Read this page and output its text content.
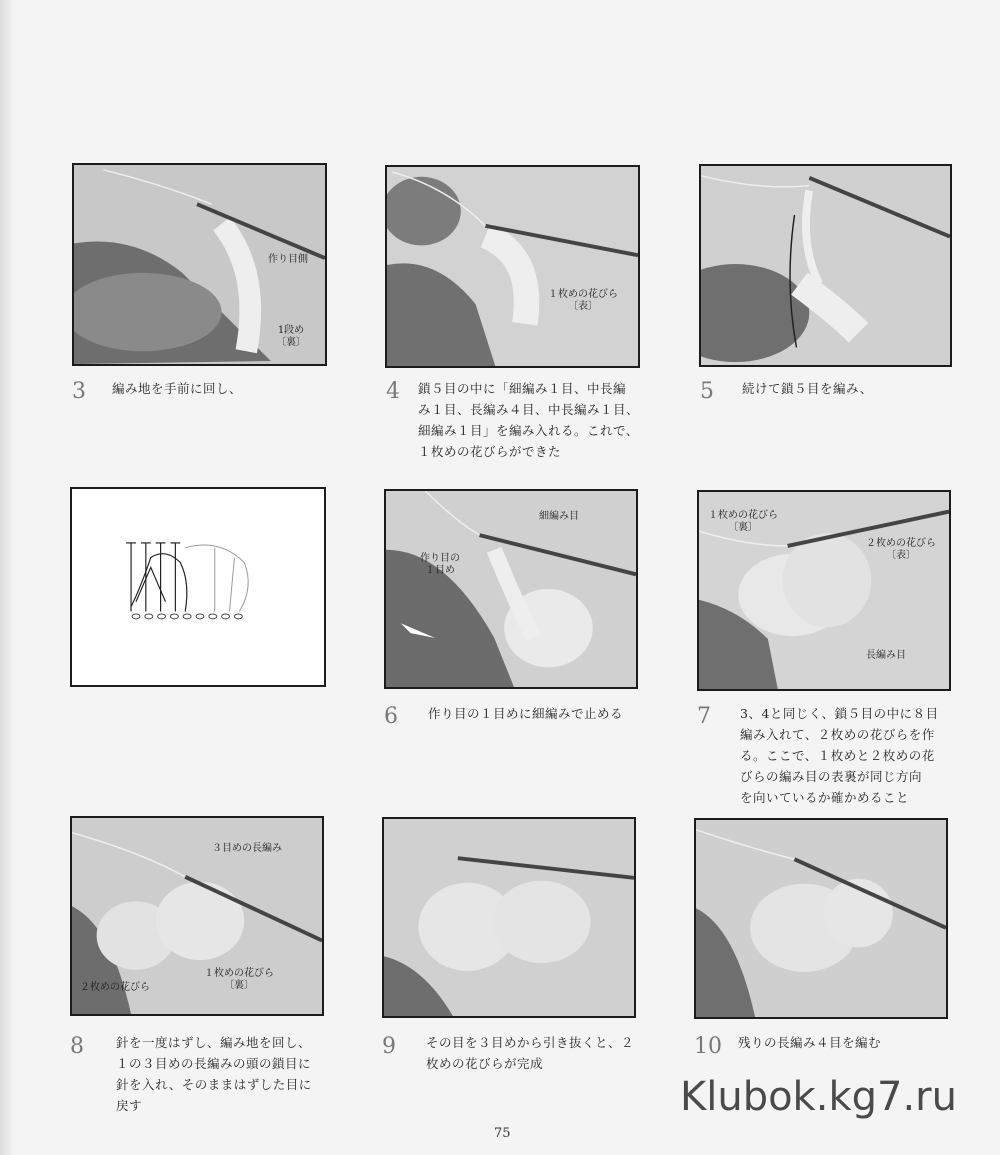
作り目側
1段め
〔裏〕
１枚めの花びら
〔表〕
3 編み地を手前に回し、	4 鎖５目の中に「細編み１目、中長編
み１目、長編み４目、中長編み１目、
細編み１目」を編み入れる。これで、
１枚めの花びらができた
5 続けて鎖５目を編み、
細編み目
作り目の
１目め
１枚めの花びら
〔裏〕
２枚めの花びら
〔表〕
長編み目
6 作り目の１目めに細編みで止める	7 3、4と同じく、鎖５目の中に８目
編み入れて、２枚めの花びらを作
る。ここで、１枚めと２枚めの花
びらの編み目の表裏が同じ方向
を向いているか確かめること
３目めの長編み
１枚めの花びら
〔裏〕
２枚めの花びら
8	針を一度はずし、編み地を回し、
１の３目めの長編みの頭の鎖目に
針を入れ、そのままはずした目に
戻す
9 その目を３目めから引き抜くと、２
枚めの花びらが完成
10 残りの長編み４目を編む
Klubok.kg7.ru
75
